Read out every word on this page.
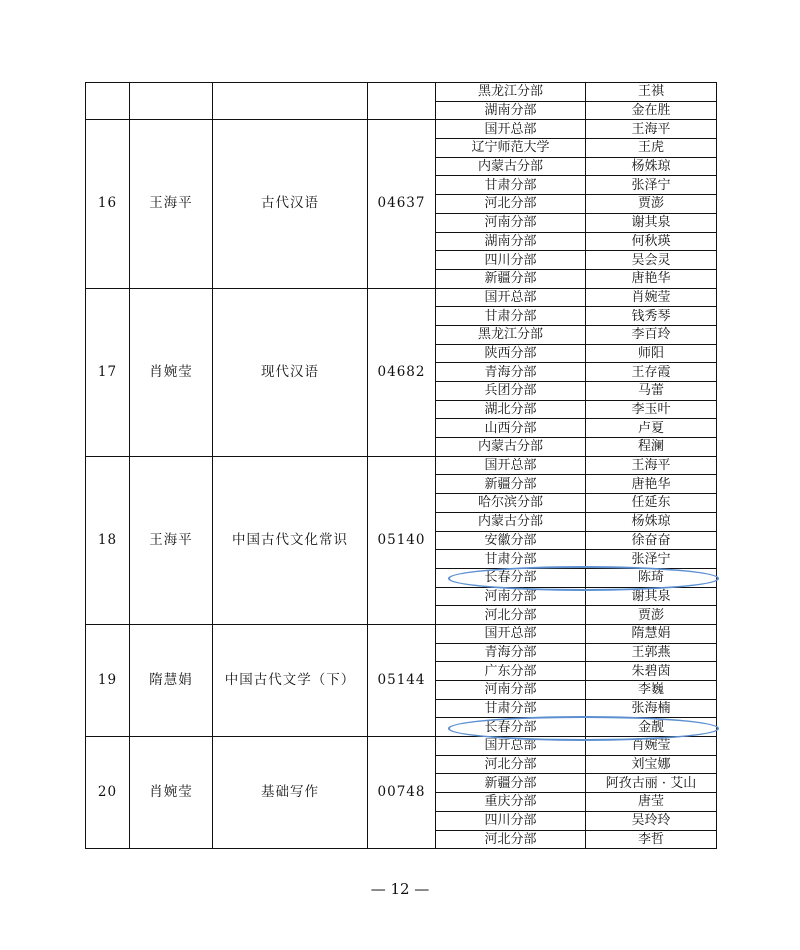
				黑龙江分部	王祺
				湖南分部	金在胜
16	王海平	古代汉语	04637	国开总部	王海平
				辽宁师范大学	王虎
				内蒙古分部	杨姝琼
				甘肃分部	张泽宁
				河北分部	贾澎
				河南分部	谢其泉
				湖南分部	何秋瑛
				四川分部	吴会灵
				新疆分部	唐艳华
17	肖婉莹	现代汉语	04682	国开总部	肖婉莹
				甘肃分部	钱秀琴
				黑龙江分部	李百玲
				陕西分部	师阳
				青海分部	王存霞
				兵团分部	马蕾
				湖北分部	李玉叶
				山西分部	卢夏
				内蒙古分部	程澜
18	王海平	中国古代文化常识	05140	国开总部	王海平
				新疆分部	唐艳华
				哈尔滨分部	任延东
				内蒙古分部	杨姝琼
				安徽分部	徐奋奋
				甘肃分部	张泽宁
				长春分部	陈琦
				河南分部	谢其泉
				河北分部	贾澎
19	隋慧娟	中国古代文学（下）	05144	国开总部	隋慧娟
				青海分部	王郭燕
				广东分部	朱碧茵
				河南分部	李巍
				甘肃分部	张海楠
				长春分部	金靓
20	肖婉莹	基础写作	00748	国开总部	肖婉莹
				河北分部	刘宝娜
				新疆分部	阿孜古丽 · 艾山
				重庆分部	唐莹
				四川分部	吴玲玲
				河北分部	李哲
— 12 —
